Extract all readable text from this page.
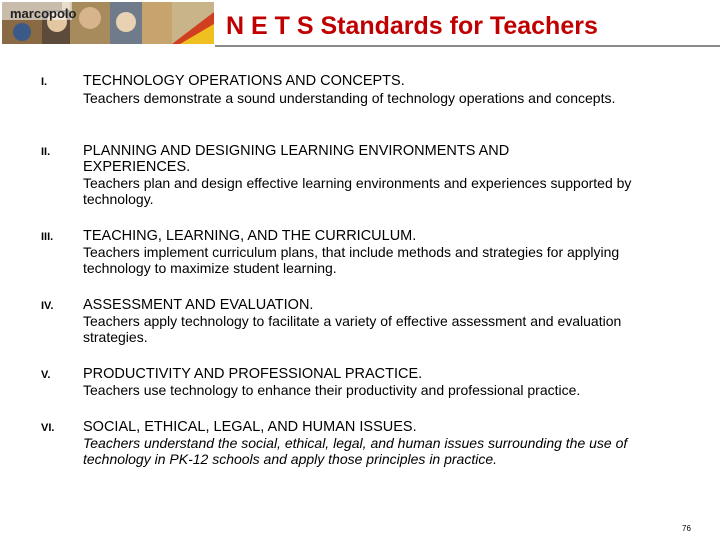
marcopolo	N E T S Standards for Teachers
I. TECHNOLOGY OPERATIONS AND CONCEPTS.
Teachers demonstrate a sound understanding of technology operations and concepts.
II. PLANNING AND DESIGNING LEARNING ENVIRONMENTS AND EXPERIENCES.
Teachers plan and design effective learning environments and experiences supported by technology.
III. TEACHING, LEARNING, AND THE CURRICULUM.
Teachers implement curriculum plans, that include methods and strategies for applying technology to maximize student learning.
IV. ASSESSMENT AND EVALUATION.
Teachers apply technology to facilitate a variety of effective assessment and evaluation strategies.
V. PRODUCTIVITY AND PROFESSIONAL PRACTICE.
Teachers use technology to enhance their productivity and professional practice.
VI. SOCIAL, ETHICAL, LEGAL, AND HUMAN ISSUES.
Teachers understand the social, ethical, legal, and human issues surrounding the use of technology in PK-12 schools and apply those principles in practice.
76
